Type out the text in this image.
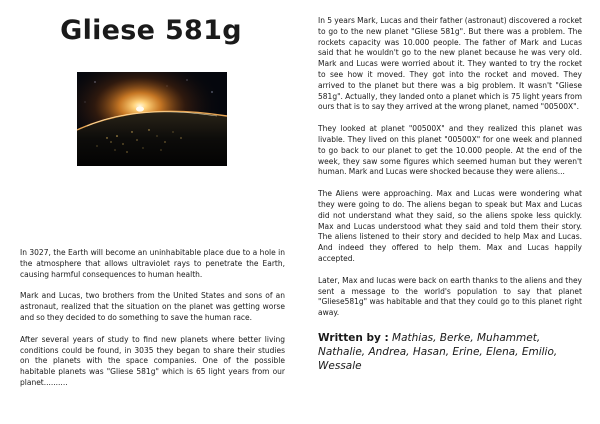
Gliese 581g

In 3027, the Earth will become an uninhabitable place due to a hole in the atmosphere that allows ultraviolet rays to penetrate the Earth, causing harmful consequences to human health.

Mark and Lucas, two brothers from the United States and sons of an astronaut, realized that the situation on the planet was getting worse and so they decided to do something to save the human race.

After several years of study to find new planets where better living conditions could be found, in 3035 they began to share their studies on the planets with the space companies. One of the possible habitable planets was "Gliese 581g" which is 65 light years from our planet..........

In 5 years Mark, Lucas and their father (astronaut) discovered a rocket to go to the new planet "Gliese 581g". But there was a problem. The rockets capacity was 10.000 people. The father of Mark and Lucas said that he wouldn't go to the new planet because he was very old. Mark and Lucas were worried about it. They wanted to try the rocket to see how it moved. They got into the rocket and moved. They arrived to the planet but there was a big problem. It wasn't "Gliese 581g". Actually, they landed onto a planet which is 75 light years from ours that is to say they arrived at the wrong planet, named "00500X".

They looked at planet "00500X" and they realized this planet was livable. They lived on this planet "00500X" for one week and planned to go back to our planet to get the 10.000 people. At the end of the week, they saw some figures which seemed human but they weren't human. Mark and Lucas were shocked because they were aliens...

The Aliens were approaching. Max and Lucas were wondering what they were going to do. The aliens began to speak but Max and Lucas did not understand what they said, so the aliens spoke less quickly. Max and Lucas understood what they said and told them their story. The aliens listened to their story and decided to help Max and Lucas. And indeed they offered to help them. Max and Lucas happily accepted.

Later, Max and lucas were back on earth thanks to the aliens and they sent a message to the world's population to say that planet "Gliese581g" was habitable and that they could go to this planet right away.

Written by : Mathias, Berke, Muhammet, Nathalie, Andrea, Hasan, Erine, Elena, Emilio, Wessale
